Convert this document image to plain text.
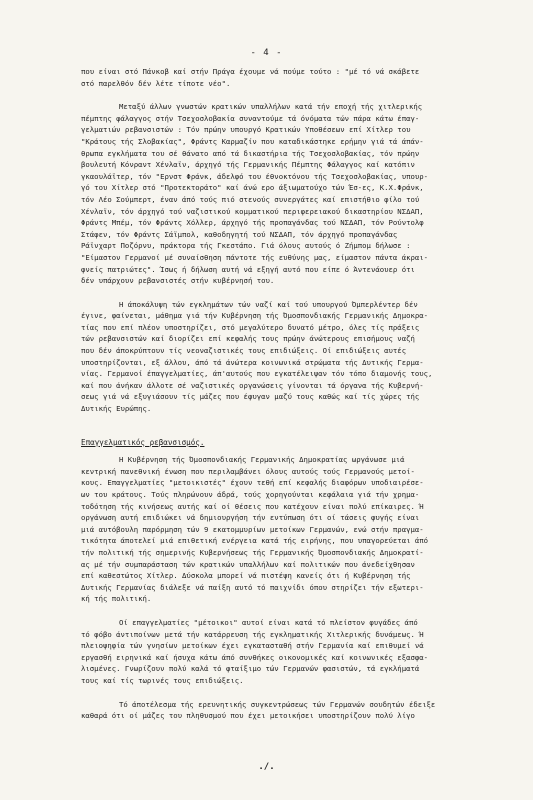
- 4 -
που είναι στό Πάνκοβ καί στήν Πράγα έχουμε νά πούμε τούτο : "μέ τό νά σκάβετε
στό παρελθόν δέν λέτε τίποτε νέο".
Μεταξύ άλλων γνωστών κρατικών υπαλλήλων κατά τήν εποχή τής χιτλερικής
πέμπτης φάλαγγος στήν Τσεχοσλοβακία συναντούμε τά όνόματα τών πάρα κάτω έπαγ-
γελματιών ρεβανσιστών : Τόν πρώην υπουργό Κρατικών Υποθέσεων επί Χίτλερ του
"Κράτους τής Σλοβακίας", Φράντς Καρμαζίν που καταδικάστηκε ερήμην γιά τά άπάν-
θρωπα εγκλήματα του σέ θάνατο από τά δικαστήρια τής Τσεχοσλοβακίας, τόν πρώην
βουλευτή Κόνραντ Χένλαϊν, άρχηγό τής Γερμανικής Πέμπτης Φάλαγγος καί κατόπιν
γκαουλάϊτερ, τόν "Ερνστ Φράνκ, άδελφό του έθνοκτόνου τής Τσεχοσλοβακίας, υπουρ-
γό του Χίτλερ στό "Προτεκτοράτο" καί άνώ ερο άξιωματούχο τών Έσ-ες, Κ.Χ.Φράνκ,
τόν Λέο Σούμπερτ, έναν άπό τούς πιό στενούς συνεργάτες καί επιστήθιο φίλο τού
Χένλαϊν, τόν άρχηγό τού ναζιστικού κομματικού περιφερειακού δικαστηρίου ΝΣΔΑΠ,
Φράντς Μπέμ, τόν Φράντς Χόλλερ, άρχηγό τής προπαγάνδας τού ΝΣΔΑΠ, τόν Ρούντολφ
Στάφεν, τόν Φράντς Σάϊμπολ, καθοδηγητή τού ΝΣΔΑΠ, τόν άρχηγό προπαγάνδας
Ράϊνχαρτ Ποζόρνυ, πράκτορα τής Γκεστάπο. Γιά όλους αυτούς ό Ζήμπομ δήλωσε :
"Είμαστον Γερμανοί μέ συναίσθηση πάντοτε τής ευθύνης μας, είμαστον πάντα άκραι-
φνείς πατριώτες". Ίσως ή δήλωση αυτή νά εξηγή αυτό που είπε ό Άντενάουερ ότι
δέν υπάρχουν ρεβανσιστές στήν κυβέρνησή του.
Η άποκάλυψη τών εγκλημάτων τών ναζί καί τού υπουργού Όμπερλέντερ δέν
έγινε, φαίνεται, μάθημα γιά τήν Κυβέρνηση τής Όμοσπονδιακής Γερμανικής Δημοκρα-
τίας που επί πλέον υποστηρίζει, στό μεγαλύτερο δυνατό μέτρο, όλες τίς πράξεις
τών ρεβανσιστών καί διορίζει επί κεφαλής τους πρώην άνώτερους επισήμους ναζή
που δέν άποκρύπτουν τίς νεοναζιστικές τους επιδιώξεις. Οί επιδιώξεις αυτές
υποστηρίζονται, εξ άλλου, άπό τά άνώτερα κοινωνικά στρώματα τής Δυτικής Γερμα-
νίας. Γερμανοί έπαγγελματίες, άπ'αυτούς που εγκατέλειψαν τόν τόπο διαμονής τους,
καί που άνήκαν άλλοτε σέ ναζιστικές οργανώσεις γίνονται τά όργανα τής Κυβερνή-
σεως γιά νά εξυγιάσουν τίς μάζες που έφυγαν μαζύ τους καθώς καί τίς χώρες τής
Δυτικής Ευρώπης.
Επαγγελματικός ρεβανσισμός.
Η Κυβέρνηση τής Όμοσπονδιακής Γερμανικής Δημοκρατίας ωργάνωσε μιά
κεντρική πανεθνική ένωση που περιλαμβάνει όλους αυτούς τούς Γερμανούς μετοί-
κους. Επαγγελματίες "μετοικιστές" έχουν τεθή επί κεφαλής διαφόρων υποδιαιρέσε-
ων του κράτους. Τούς πληρώνουν άδρά, τούς χορηγούνται κεφάλαια γιά τήν χρημα-
τοδότηση τής κινήσεως αυτής καί οί θέσεις που κατέχουν είναι πολύ επίκαιρες. Ή
οργάνωση αυτή επιδιώκει νά δημιουργήση τήν εντύπωση ότι οί τάσεις φυγής είναι
μιά αυτόβουλη παρόρμηση τών 9 εκατομμυρίων μετοίκων Γερμανών, ενώ στήν πραγμα-
τικότητα άποτελεί μιά επιθετική ενέργεια κατά τής ειρήνης, που υπαγορεύεται άπό
τήν πολιτική τής σημερινής Κυβερνήσεως τής Γερμανικής Όμοσπονδιακής Δημοκρατί-
ας μέ τήν συμπαράσταση τών κρατικών υπαλλήλων καί πολιτικών που άνεδείχθησαν
επί καθεστώτος Χίτλερ. Δύσκολα μπορεί νά πιστέψη κανείς ότι ή Κυβέρνηση τής
Δυτικής Γερμανίας διάλεξε νά παίξη αυτό τό παιχνίδι όπου στηρίζει τήν εξωτερι-
κή τής πολιτική.
Οί επαγγελματίες "μέτοικοι" αυτοί είναι κατά τό πλείστον φυγάδες άπό
τό φόβο άντιποίνων μετά τήν κατάρρευση τής εγκληματικής Χιτλερικής δυνάμεως. Ή
πλειοψηφία τών γνησίων μετοίκων έχει εγκατασταθή στήν Γερμανία καί επιθυμεί νά
εργασθή ειρηνικά καί ήσυχα κάτω άπό συνθήκες οικονομικές καί κοινωνικές εξασφα-
λισμένες. Γνωρίζουν πολύ καλά τό φταίξιμο τών Γερμανών φασιστών, τά εγκλήματά
τους καί τίς τωρινές τους επιδιώξεις.
Τό άποτέλεσμα τής ερευνητικής συγκεντρώσεως τών Γερμανών σουδητών έδειξε
καθαρά ότι οί μάζες του πληθυσμού που έχει μετοικήσει υποστηρίζουν πολύ λίγο
./.
